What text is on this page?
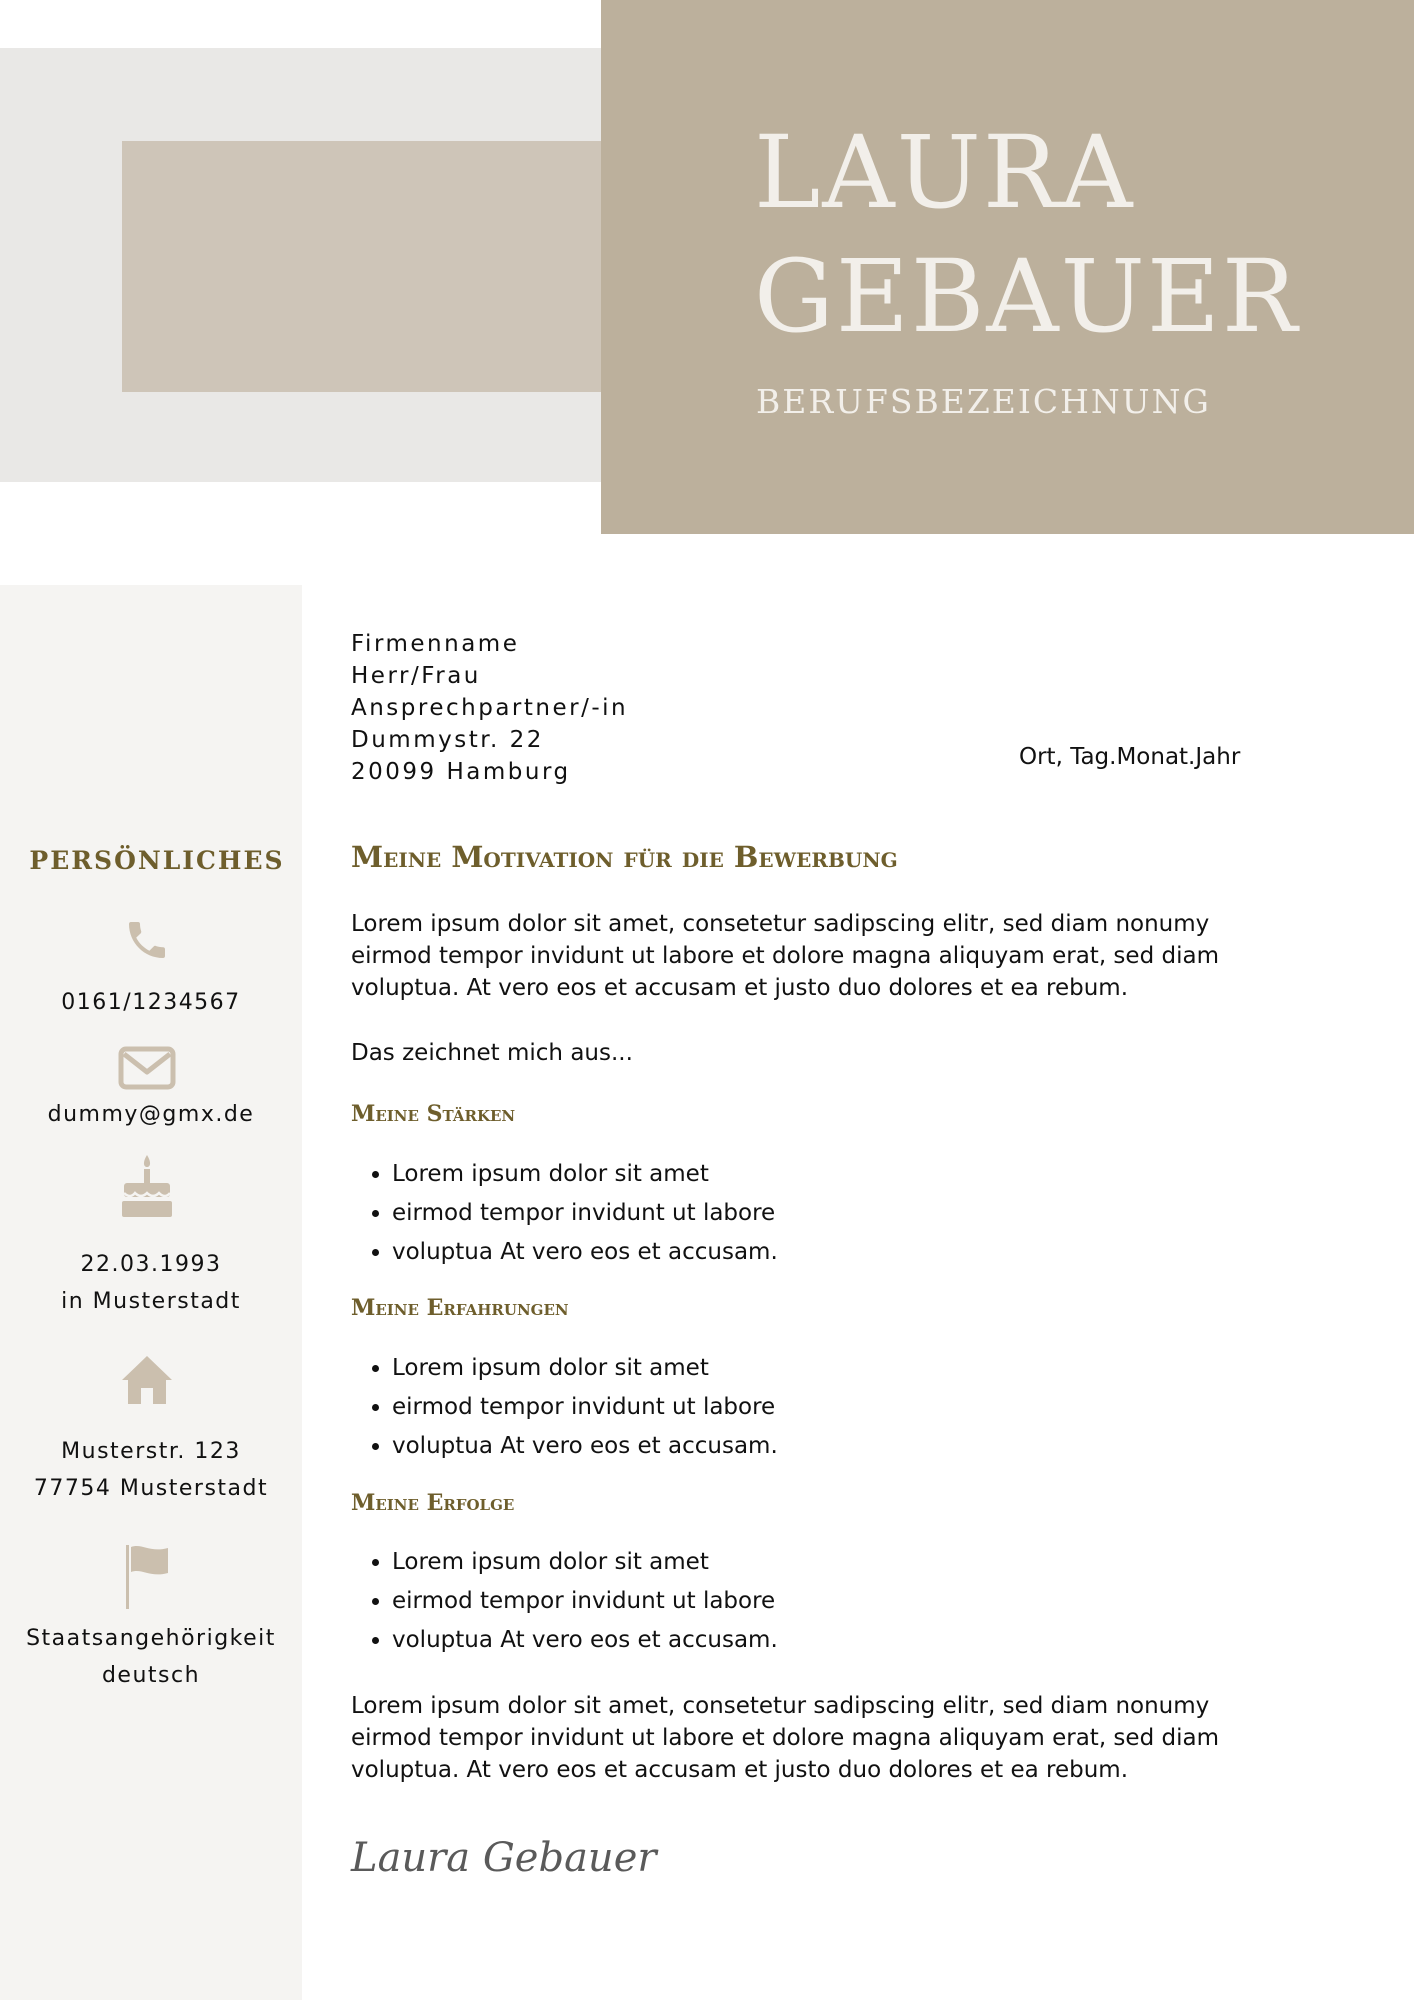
LAURA
GEBAUER
BERUFSBEZEICHNUNG
PERSÖNLICHES
0161/1234567
dummy@gmx.de
22.03.1993
in Musterstadt
Musterstr. 123
77754 Musterstadt
Staatsangehörigkeit
deutsch
Firmenname
Herr/Frau
Ansprechpartner/-in
Dummystr. 22
20099 Hamburg
Ort, Tag.Monat.Jahr
Meine Motivation für die Bewerbung
Lorem ipsum dolor sit amet, consetetur sadipscing elitr, sed diam nonumy eirmod tempor invidunt ut labore et dolore magna aliquyam erat, sed diam voluptua. At vero eos et accusam et justo duo dolores et ea rebum.
Das zeichnet mich aus...
Meine Stärken
• Lorem ipsum dolor sit amet
• eirmod tempor invidunt ut labore
• voluptua At vero eos et accusam.
Meine Erfahrungen
• Lorem ipsum dolor sit amet
• eirmod tempor invidunt ut labore
• voluptua At vero eos et accusam.
Meine Erfolge
• Lorem ipsum dolor sit amet
• eirmod tempor invidunt ut labore
• voluptua At vero eos et accusam.
Lorem ipsum dolor sit amet, consetetur sadipscing elitr, sed diam nonumy eirmod tempor invidunt ut labore et dolore magna aliquyam erat, sed diam voluptua. At vero eos et accusam et justo duo dolores et ea rebum.
Laura Gebauer
